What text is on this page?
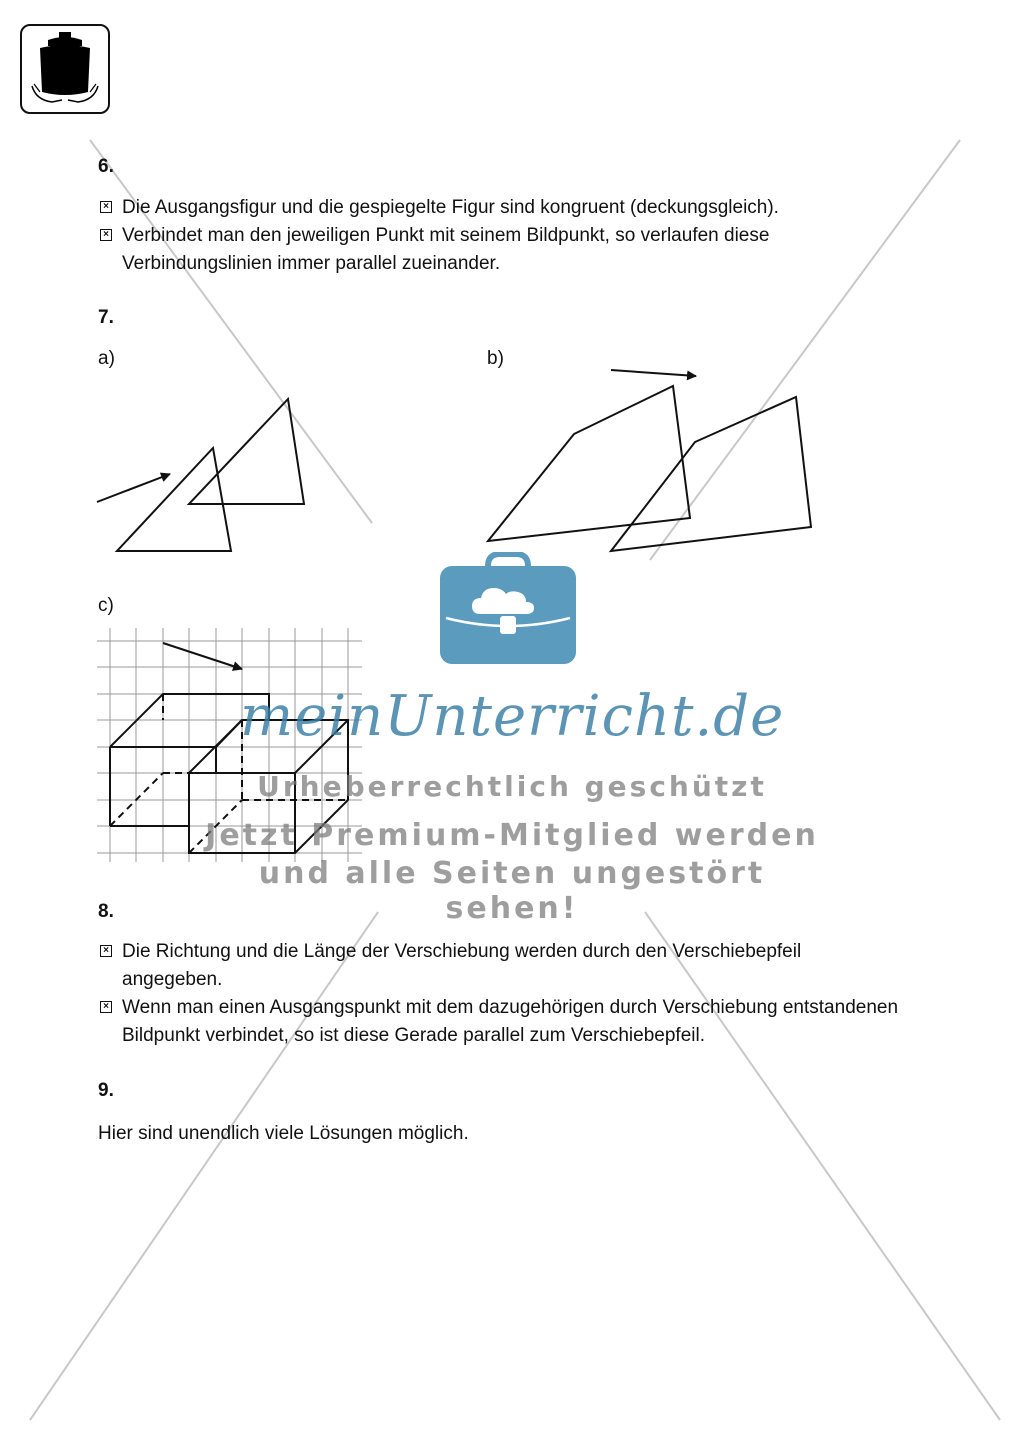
6.
× Die Ausgangsfigur und die gespiegelte Figur sind kongruent (deckungsgleich).
× Verbindet man den jeweiligen Punkt mit seinem Bildpunkt, so verlaufen diese Verbindungslinien immer parallel zueinander.
7.
a)	b)
c)
8.
× Die Richtung und die Länge der Verschiebung werden durch den Verschiebepfeil angegeben.
× Wenn man einen Ausgangspunkt mit dem dazugehörigen durch Verschiebung entstandenen Bildpunkt verbindet, so ist diese Gerade parallel zum Verschiebepfeil.
9.
Hier sind unendlich viele Lösungen möglich.
meinUnterricht.de
Urheberrechtlich geschützt
Jetzt Premium-Mitglied werden
und alle Seiten ungestört sehen!
